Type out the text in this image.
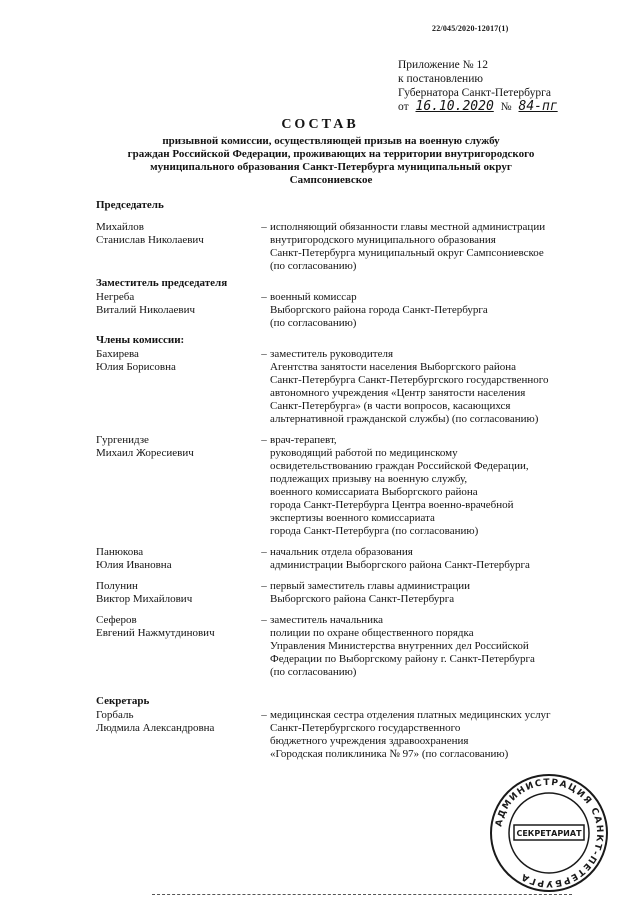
22/045/2020-12017(1)
Приложение № 12
к постановлению
Губернатора Санкт-Петербурга
от 16.10.2020 № 84-пг
СОСТАВ
призывной комиссии, осуществляющей призыв на военную службу
граждан Российской Федерации, проживающих на территории внутригородского
муниципального образования Санкт-Петербурга муниципальный округ
Сампсониевское
Председатель
Михайлов
Станислав Николаевич
– исполняющий обязанности главы местной администрации
внутригородского муниципального образования
Санкт-Петербурга муниципальный округ Сампсониевское
(по согласованию)
Заместитель председателя
Негреба
Виталий Николаевич
– военный комиссар
Выборгского района города Санкт-Петербурга
(по согласованию)
Члены комиссии:
Бахирева
Юлия Борисовна
– заместитель руководителя
Агентства занятости населения Выборгского района
Санкт-Петербурга Санкт-Петербургского государственного
автономного учреждения «Центр занятости населения
Санкт-Петербурга» (в части вопросов, касающихся
альтернативной гражданской службы) (по согласованию)
Гургенидзе
Михаил Жоресиевич
– врач-терапевт,
руководящий работой по медицинскому
освидетельствованию граждан Российской Федерации,
подлежащих призыву на военную службу,
военного комиссариата Выборгского района
города Санкт-Петербурга Центра военно-врачебной
экспертизы военного комиссариата
города Санкт-Петербурга (по согласованию)
Панюкова
Юлия Ивановна
– начальник отдела образования
администрации Выборгского района Санкт-Петербурга
Полунин
Виктор Михайлович
– первый заместитель главы администрации
Выборгского района Санкт-Петербурга
Сеферов
Евгений Нажмутдинович
– заместитель начальника
полиции по охране общественного порядка
Управления Министерства внутренних дел Российской
Федерации по Выборгскому району г. Санкт-Петербурга
(по согласованию)
Секретарь
Горбаль
Людмила Александровна
– медицинская сестра отделения платных медицинских услуг
Санкт-Петербургского государственного
бюджетного учреждения здравоохранения
«Городская поликлиника № 97» (по согласованию)
АДМИНИСТРАЦИЯ САНКТ-ПЕТЕРБУРГА
СЕКРЕТАРИАТ
